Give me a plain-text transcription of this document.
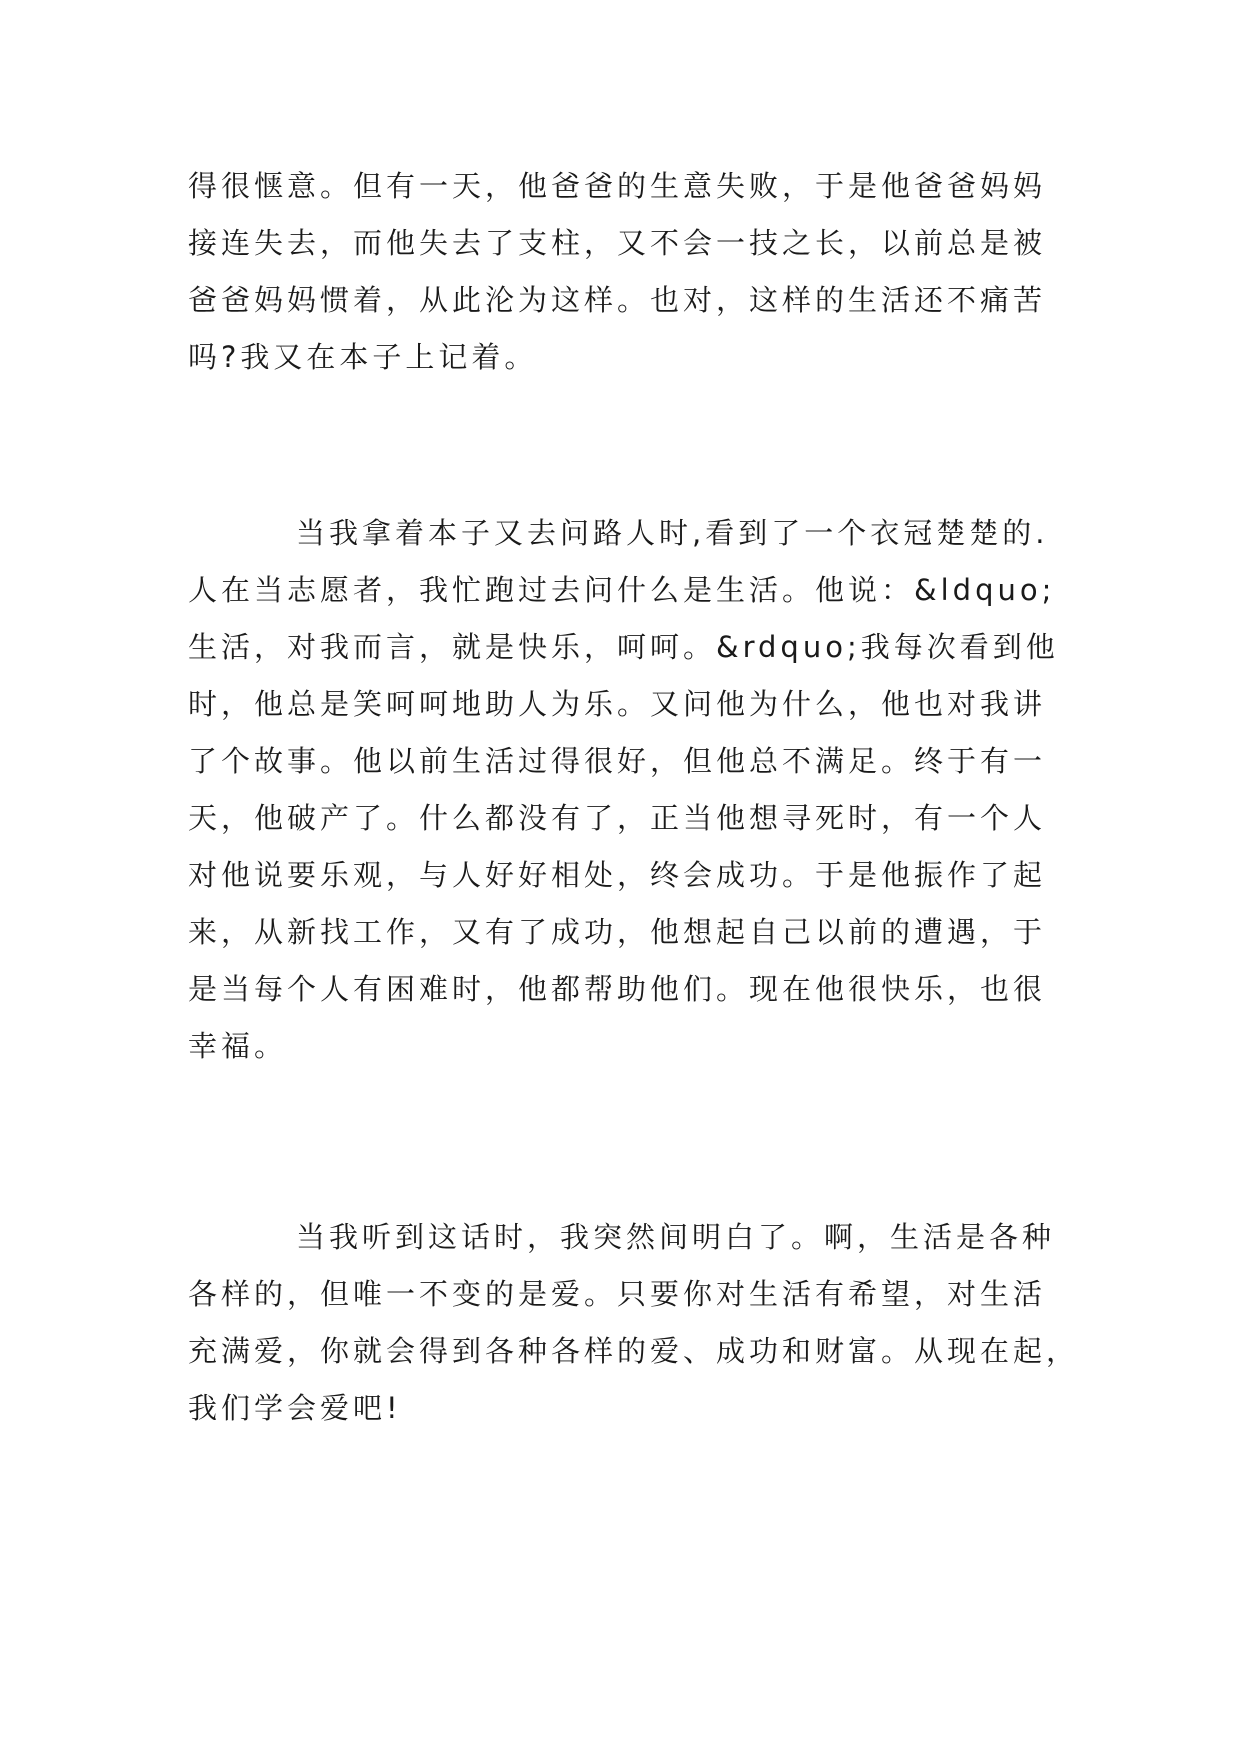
得很惬意。但有一天，他爸爸的生意失败，于是他爸爸妈妈
接连失去，而他失去了支柱，又不会一技之长，以前总是被
爸爸妈妈惯着，从此沦为这样。也对，这样的生活还不痛苦
吗?我又在本子上记着。
当我拿着本子又去问路人时,看到了一个衣冠楚楚的.
人在当志愿者，我忙跑过去问什么是生活。他说：&ldquo;
生活，对我而言，就是快乐，呵呵。&rdquo;我每次看到他
时，他总是笑呵呵地助人为乐。又问他为什么，他也对我讲
了个故事。他以前生活过得很好，但他总不满足。终于有一
天，他破产了。什么都没有了，正当他想寻死时，有一个人
对他说要乐观，与人好好相处，终会成功。于是他振作了起
来，从新找工作，又有了成功，他想起自己以前的遭遇，于
是当每个人有困难时，他都帮助他们。现在他很快乐，也很
幸福。
当我听到这话时，我突然间明白了。啊，生活是各种
各样的，但唯一不变的是爱。只要你对生活有希望，对生活
充满爱，你就会得到各种各样的爱、成功和财富。从现在起，
我们学会爱吧!
